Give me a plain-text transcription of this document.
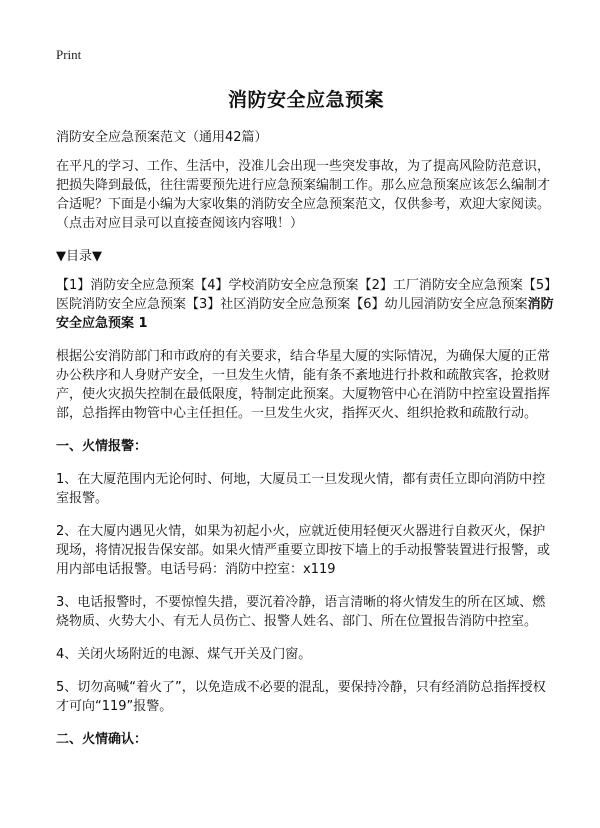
Print
消防安全应急预案

消防安全应急预案范文（通用42篇）

在平凡的学习、工作、生活中，没准儿会出现一些突发事故，为了提高风险防范意识，把损失降到最低，往往需要预先进行应急预案编制工作。那么应急预案应该怎么编制才合适呢？下面是小编为大家收集的消防安全应急预案范文，仅供参考，欢迎大家阅读。（点击对应目录可以直接查阅该内容哦！）

▼目录▼

【1】消防安全应急预案【4】学校消防安全应急预案【2】工厂消防安全应急预案【5】医院消防安全应急预案【3】社区消防安全应急预案【6】幼儿园消防安全应急预案消防安全应急预案 1

根据公安消防部门和市政府的有关要求，结合华星大厦的实际情况，为确保大厦的正常办公秩序和人身财产安全，一旦发生火情，能有条不紊地进行扑救和疏散宾客，抢救财产，使火灾损失控制在最低限度，特制定此预案。大厦物管中心在消防中控室设置指挥部，总指挥由物管中心主任担任。一旦发生火灾，指挥灭火、组织抢救和疏散行动。

一、火情报警：

1、在大厦范围内无论何时、何地，大厦员工一旦发现火情，都有责任立即向消防中控室报警。

2、在大厦内遇见火情，如果为初起小火，应就近使用轻便灭火器进行自救灭火，保护现场，将情况报告保安部。如果火情严重要立即按下墙上的手动报警装置进行报警，或用内部电话报警。电话号码：消防中控室：x119

3、电话报警时，不要惊惶失措，要沉着冷静，语言清晰的将火情发生的所在区域、燃烧物质、火势大小、有无人员伤亡、报警人姓名、部门、所在位置报告消防中控室。

4、关闭火场附近的电源、煤气开关及门窗。

5、切勿高喊“着火了”，以免造成不必要的混乱，要保持冷静，只有经消防总指挥授权才可向“119”报警。

二、火情确认：
